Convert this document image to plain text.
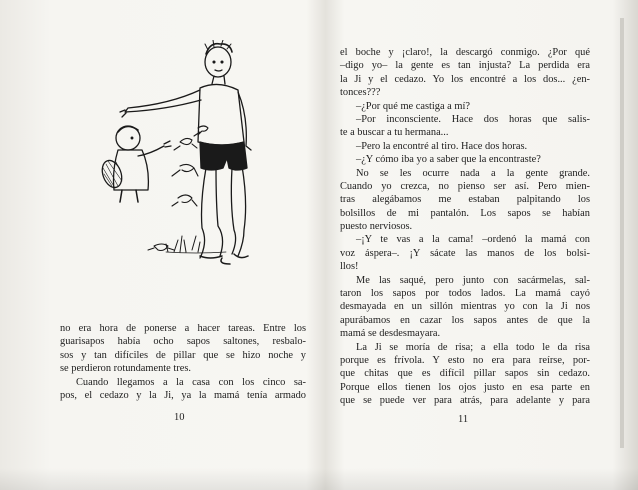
no era hora de ponerse a hacer tareas. Entre los
guarisapos había ocho sapos saltones, resbalo-
sos y tan difíciles de pillar que se hizo noche y
se perdieron rotundamente tres.
Cuando llegamos a la casa con los cinco sa-
pos, el cedazo y la Ji, ya la mamá tenía armado
10
el boche y ¡claro!, la descargó conmigo. ¿Por qué
–digo yo– la gente es tan injusta? La perdida era
la Ji y el cedazo. Yo los encontré a los dos... ¿en-
tonces???
–¿Por qué me castiga a mí?
–Por inconsciente. Hace dos horas que salis-
te a buscar a tu hermana...
–Pero la encontré al tiro. Hace dos horas.
–¿Y cómo iba yo a saber que la encontraste?
No se les ocurre nada a la gente grande.
Cuando yo crezca, no pienso ser así. Pero mien-
tras alegábamos me estaban palpitando los
bolsillos de mi pantalón. Los sapos se habían
puesto nerviosos.
–¡Y te vas a la cama! –ordenó la mamá con
voz áspera–. ¡Y sácate las manos de los bolsi-
llos!
Me las saqué, pero junto con sacármelas, sal-
taron los sapos por todos lados. La mamá cayó
desmayada en un sillón mientras yo con la Ji nos
apurábamos en cazar los sapos antes de que la
mamá se desdesmayara.
La Ji se moría de risa; a ella todo le da risa
porque es frívola. Y esto no era para reírse, por-
que chitas que es difícil pillar sapos sin cedazo.
Porque ellos tienen los ojos justo en esa parte en
que se puede ver para atrás, para adelante y para
11
